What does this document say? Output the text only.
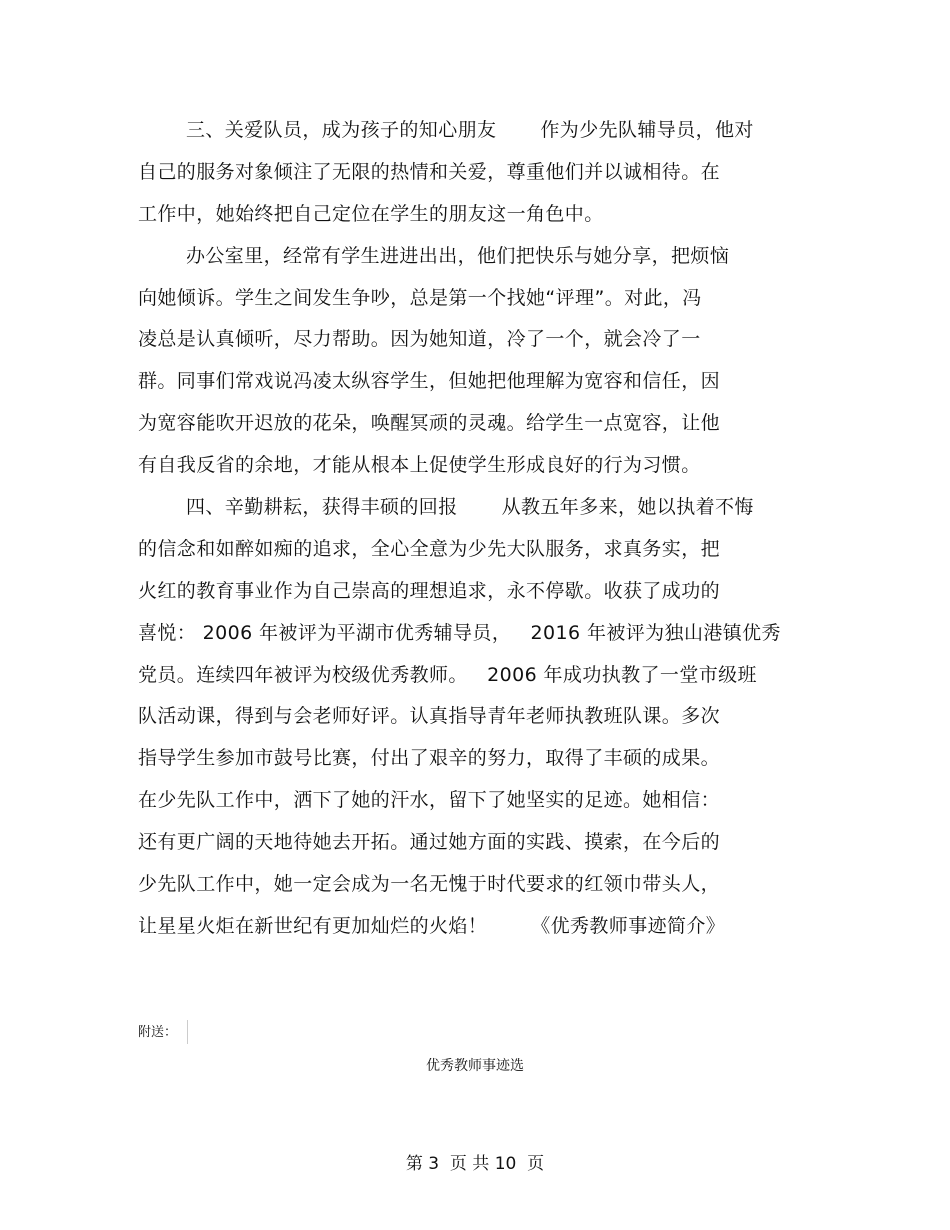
三、关爱队员，成为孩子的知心朋友 作为少先队辅导员，他对
自己的服务对象倾注了无限的热情和关爱，尊重他们并以诚相待。在
工作中，她始终把自己定位在学生的朋友这一角色中。
办公室里，经常有学生进进出出，他们把快乐与她分享，把烦恼
向她倾诉。学生之间发生争吵，总是第一个找她“评理”。对此，冯
凌总是认真倾听，尽力帮助。因为她知道，冷了一个，就会冷了一
群。同事们常戏说冯凌太纵容学生，但她把他理解为宽容和信任，因
为宽容能吹开迟放的花朵，唤醒冥顽的灵魂。给学生一点宽容，让他
有自我反省的余地，才能从根本上促使学生形成良好的行为习惯。
四、辛勤耕耘，获得丰硕的回报 从教五年多来，她以执着不悔
的信念和如醉如痴的追求，全心全意为少先大队服务，求真务实，把
火红的教育事业作为自己崇高的理想追求，永不停歇。收获了成功的
喜悦： 2006 年被评为平湖市优秀辅导员，   2016 年被评为独山港镇优秀
党员。连续四年被评为校级优秀教师。   2006 年成功执教了一堂市级班
队活动课，得到与会老师好评。认真指导青年老师执教班队课。多次
指导学生参加市鼓号比赛，付出了艰辛的努力，取得了丰硕的成果。
在少先队工作中，洒下了她的汗水，留下了她坚实的足迹。她相信：
还有更广阔的天地待她去开拓。通过她方面的实践、摸索，在今后的
少先队工作中，她一定会成为一名无愧于时代要求的红领巾带头人，
让星星火炬在新世纪有更加灿烂的火焰！ 《优秀教师事迹简介》
附送：
优秀教师事迹选
第 3  页 共 10  页
